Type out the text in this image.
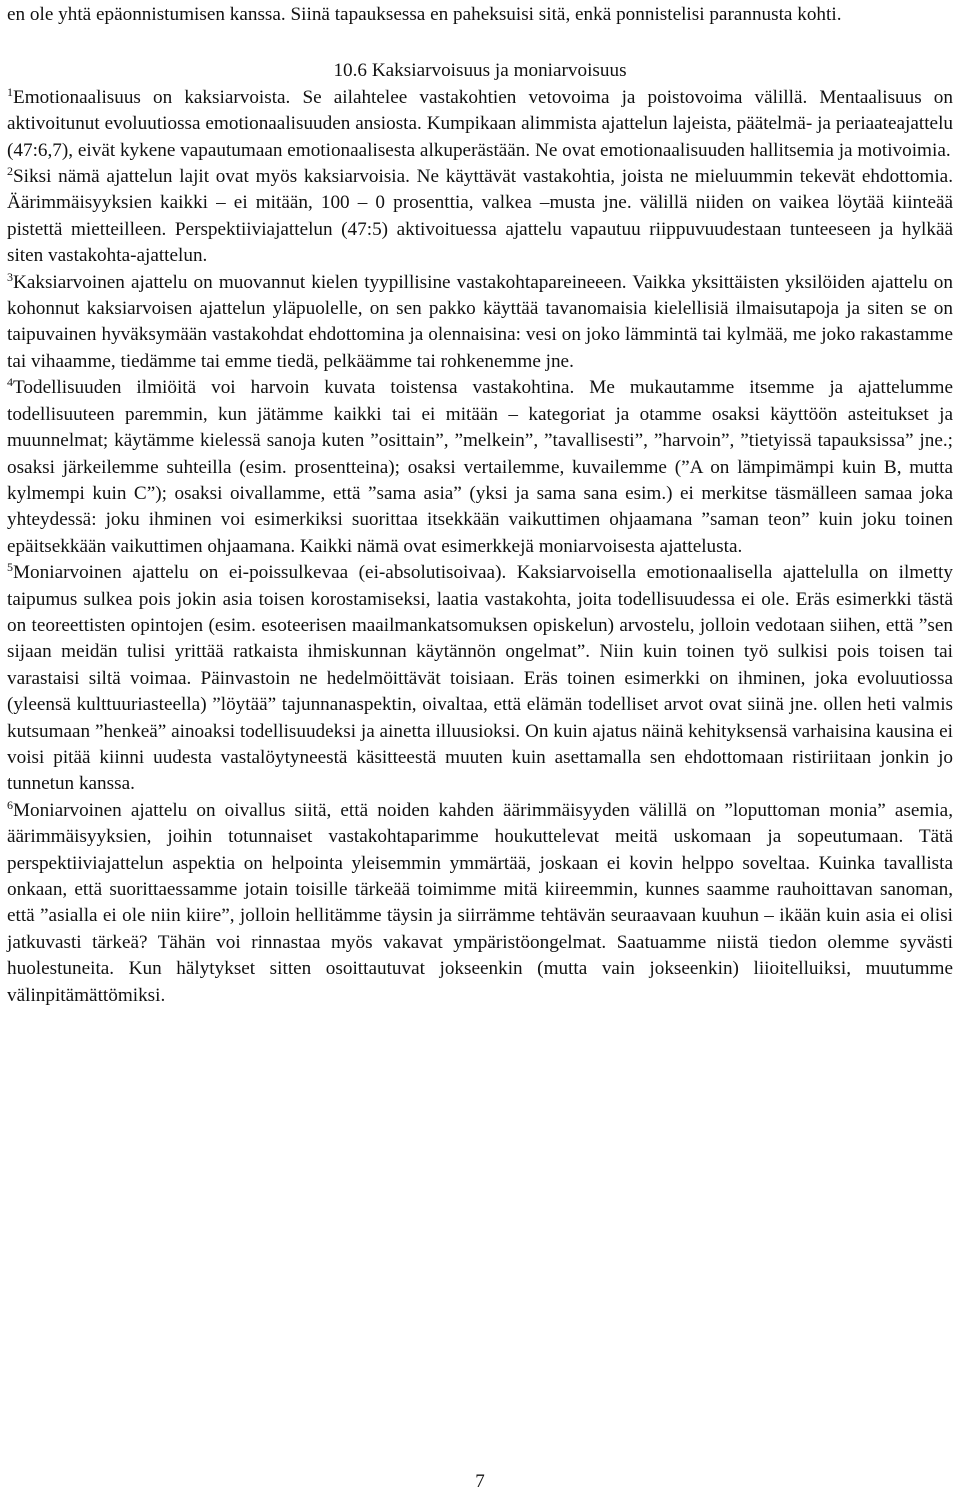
en ole yhtä epäonnistumisen kanssa. Siinä tapauksessa en paheksuisi sitä, enkä ponnistelisi parannusta kohti.

10.6 Kaksiarvoisuus ja moniarvoisuus

$^1$Emotionaalisuus on kaksiarvoista. Se ailahtelee vastakohtien vetovoima ja poistovoima välillä. Mentaalisuus on aktivoitunut evoluutiossa emotionaalisuuden ansiosta. Kumpikaan alimmista ajattelun lajeista, päätelmä- ja periaateajattelu (47:6,7), eivät kykene vapautumaan emotionaalisesta alkuperästään. Ne ovat emotionaalisuuden hallitsemia ja motivoimia.

$^2$Siksi nämä ajattelun lajit ovat myös kaksiarvoisia. Ne käyttävät vastakohtia, joista ne mieluummin tekevät ehdottomia. Äärimmäisyyksien kaikki – ei mitään, 100 – 0 prosenttia, valkea –musta jne. välillä niiden on vaikea löytää kiinteää pistettä mietteilleen. Perspektiiviajattelun (47:5) aktivoituessa ajattelu vapautuu riippuvuudestaan tunteeseen ja hylkää siten vastakohta-ajattelun.

$^3$Kaksiarvoinen ajattelu on muovannut kielen tyypillisine vastakohtapareineeen. Vaikka yksittäisten yksilöiden ajattelu on kohonnut kaksiarvoisen ajattelun yläpuolelle, on sen pakko käyttää tavanomaisia kielellisiä ilmaisutapoja ja siten se on taipuvainen hyväksymään vastakohdat ehdottomina ja olennaisina: vesi on joko lämmintä tai kylmää, me joko rakastamme tai vihaamme, tiedämme tai emme tiedä, pelkäämme tai rohkenemme jne.

$^4$Todellisuuden ilmiöitä voi harvoin kuvata toistensa vastakohtina. Me mukautamme itsemme ja ajattelumme todellisuuteen paremmin, kun jätämme kaikki tai ei mitään – kategoriat ja otamme osaksi käyttöön asteitukset ja muunnelmat; käytämme kielessä sanoja kuten ”osittain”, ”melkein”, ”tavallisesti”, ”harvoin”, ”tietyissä tapauksissa” jne.; osaksi järkeilemme suhteilla (esim. prosentteina); osaksi vertailemme, kuvailemme (”A on lämpimämpi kuin B, mutta kylmempi kuin C”); osaksi oivallamme, että ”sama asia” (yksi ja sama sana esim.) ei merkitse täsmälleen samaa joka yhteydessä: joku ihminen voi esimerkiksi suorittaa itsekkään vaikuttimen ohjaamana ”saman teon” kuin joku toinen epäitsekkään vaikuttimen ohjaamana. Kaikki nämä ovat esimerkkejä moniarvoisesta ajattelusta.

$^5$Moniarvoinen ajattelu on ei-poissulkevaa (ei-absolutisoivaa). Kaksiarvoisella emotionaalisella ajattelulla on ilmetty taipumus sulkea pois jokin asia toisen korostamiseksi, laatia vastakohta, joita todellisuudessa ei ole. Eräs esimerkki tästä on teoreettisten opintojen (esim. esoteerisen maailmankatsomuksen opiskelun) arvostelu, jolloin vedotaan siihen, että ”sen sijaan meidän tulisi yrittää ratkaista ihmiskunnan käytännön ongelmat”. Niin kuin toinen työ sulkisi pois toisen tai varastaisi siltä voimaa. Päinvastoin ne hedelmöittävät toisiaan. Eräs toinen esimerkki on ihminen, joka evoluutiossa (yleensä kulttuuriasteella) ”löytää” tajunnanaspektin, oivaltaa, että elämän todelliset arvot ovat siinä jne. ollen heti valmis kutsumaan ”henkeä” ainoaksi todellisuudeksi ja ainetta illuusioksi. On kuin ajatus näinä kehityksensä varhaisina kausina ei voisi pitää kiinni uudesta vastalöytyneestä käsitteestä muuten kuin asettamalla sen ehdottomaan ristiriitaan jonkin jo tunnetun kanssa.

$^6$Moniarvoinen ajattelu on oivallus siitä, että noiden kahden äärimmäisyyden välillä on ”loputtoman monia” asemia, äärimmäisyyksien, joihin totunnaiset vastakohtaparimme houkuttelevat meitä uskomaan ja sopeutumaan. Tätä perspektiiviajattelun aspektia on helpointa yleisemmin ymmärtää, joskaan ei kovin helppo soveltaa. Kuinka tavallista onkaan, että suorittaessamme jotain toisille tärkeää toimimme mitä kiireemmin, kunnes saamme rauhoittavan sanoman, että ”asialla ei ole niin kiire”, jolloin hellitämme täysin ja siirrämme tehtävän seuraavaan kuuhun – ikään kuin asia ei olisi jatkuvasti tärkeä? Tähän voi rinnastaa myös vakavat ympäristöongelmat. Saatuamme niistä tiedon olemme syvästi huolestuneita. Kun hälytykset sitten osoittautuvat jokseenkin (mutta vain jokseenkin) liioitelluiksi, muutumme välinpitämättömiksi.

7
